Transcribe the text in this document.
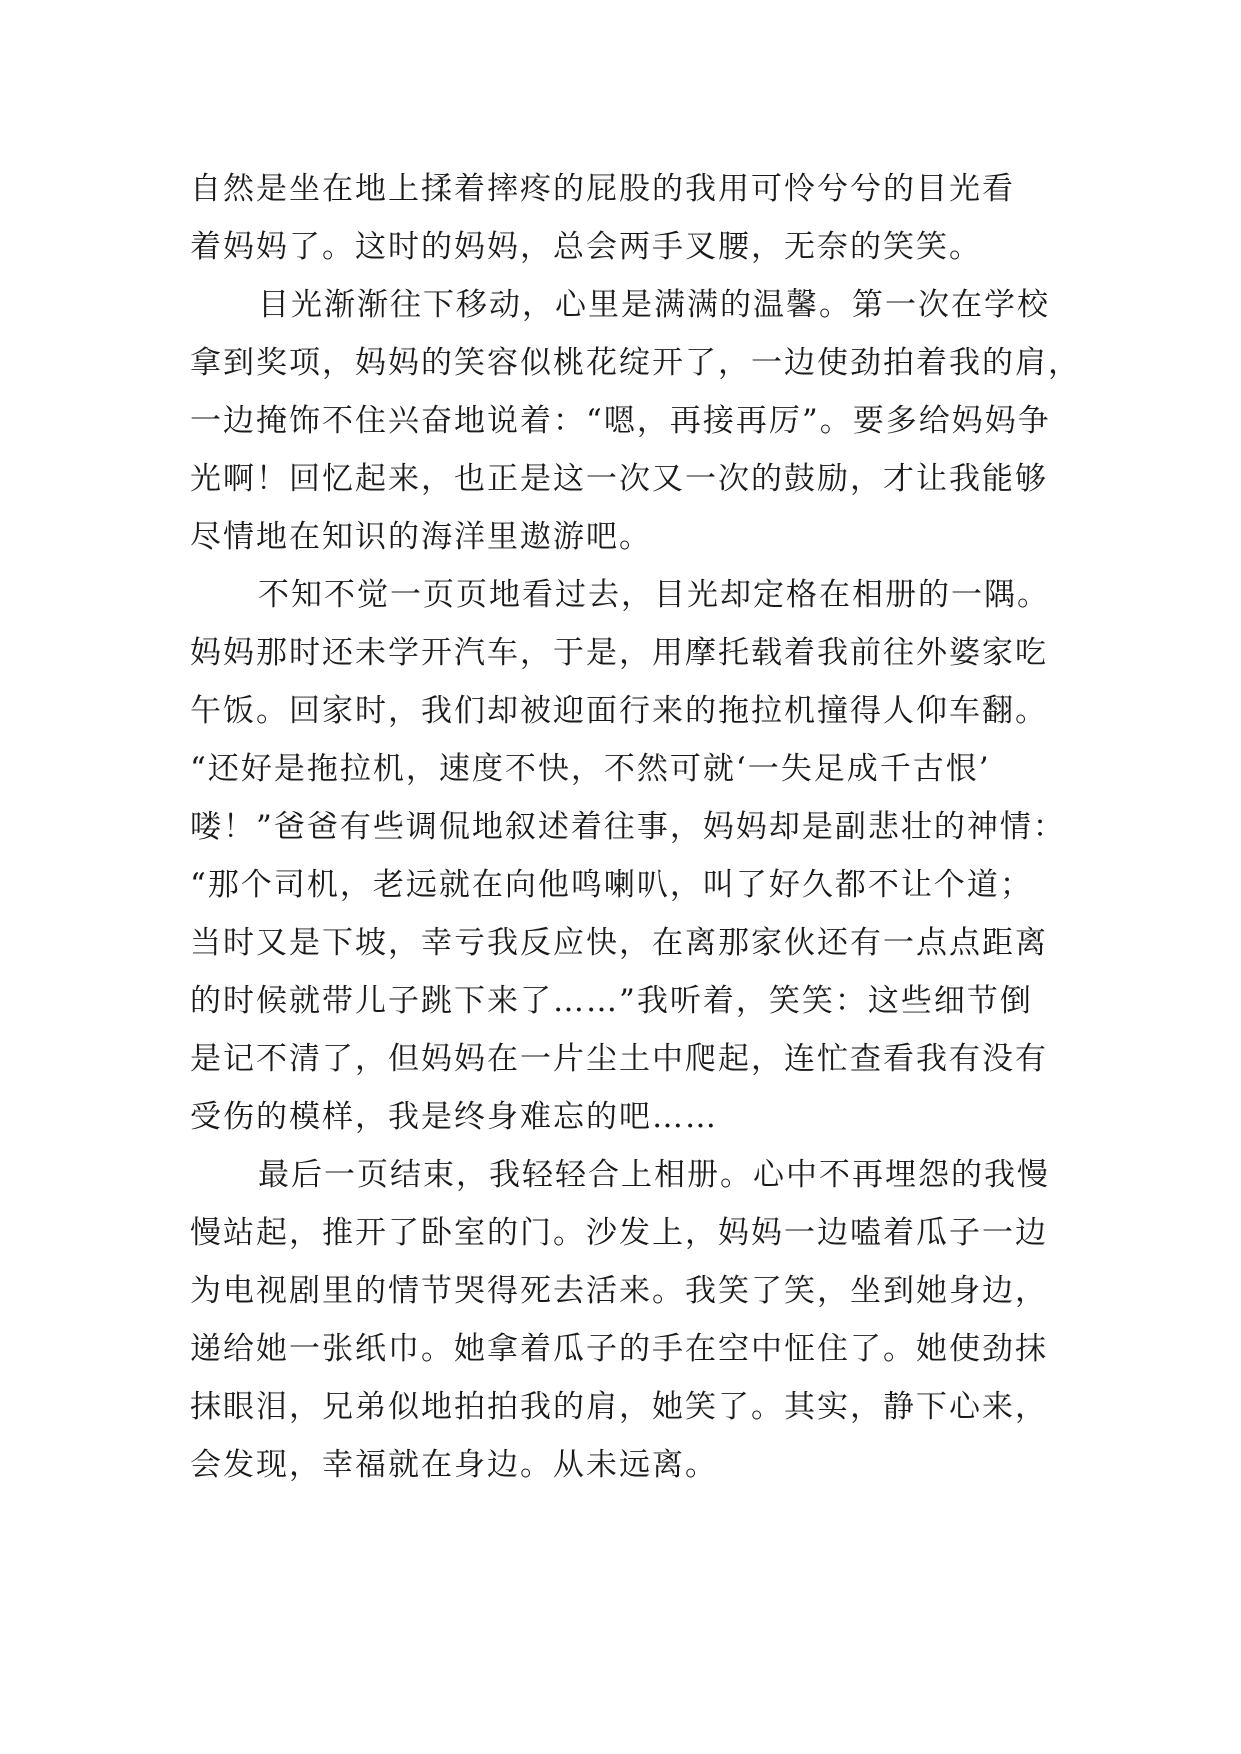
自然是坐在地上揉着摔疼的屁股的我用可怜兮兮的目光看
着妈妈了。这时的妈妈，总会两手叉腰，无奈的笑笑。
目光渐渐往下移动，心里是满满的温馨。第一次在学校
拿到奖项，妈妈的笑容似桃花绽开了，一边使劲拍着我的肩，
一边掩饰不住兴奋地说着：“嗯，再接再厉”。要多给妈妈争
光啊！回忆起来，也正是这一次又一次的鼓励，才让我能够
尽情地在知识的海洋里遨游吧。
不知不觉一页页地看过去，目光却定格在相册的一隅。
妈妈那时还未学开汽车，于是，用摩托载着我前往外婆家吃
午饭。回家时，我们却被迎面行来的拖拉机撞得人仰车翻。
“还好是拖拉机，速度不快，不然可就‘一失足成千古恨’
喽！”爸爸有些调侃地叙述着往事，妈妈却是副悲壮的神情：
“那个司机，老远就在向他鸣喇叭，叫了好久都不让个道；
当时又是下坡，幸亏我反应快，在离那家伙还有一点点距离
的时候就带儿子跳下来了……”我听着，笑笑：这些细节倒
是记不清了，但妈妈在一片尘土中爬起，连忙查看我有没有
受伤的模样，我是终身难忘的吧……
最后一页结束，我轻轻合上相册。心中不再埋怨的我慢
慢站起，推开了卧室的门。沙发上，妈妈一边嗑着瓜子一边
为电视剧里的情节哭得死去活来。我笑了笑，坐到她身边，
递给她一张纸巾。她拿着瓜子的手在空中怔住了。她使劲抹
抹眼泪，兄弟似地拍拍我的肩，她笑了。其实，静下心来，
会发现，幸福就在身边。从未远离。
